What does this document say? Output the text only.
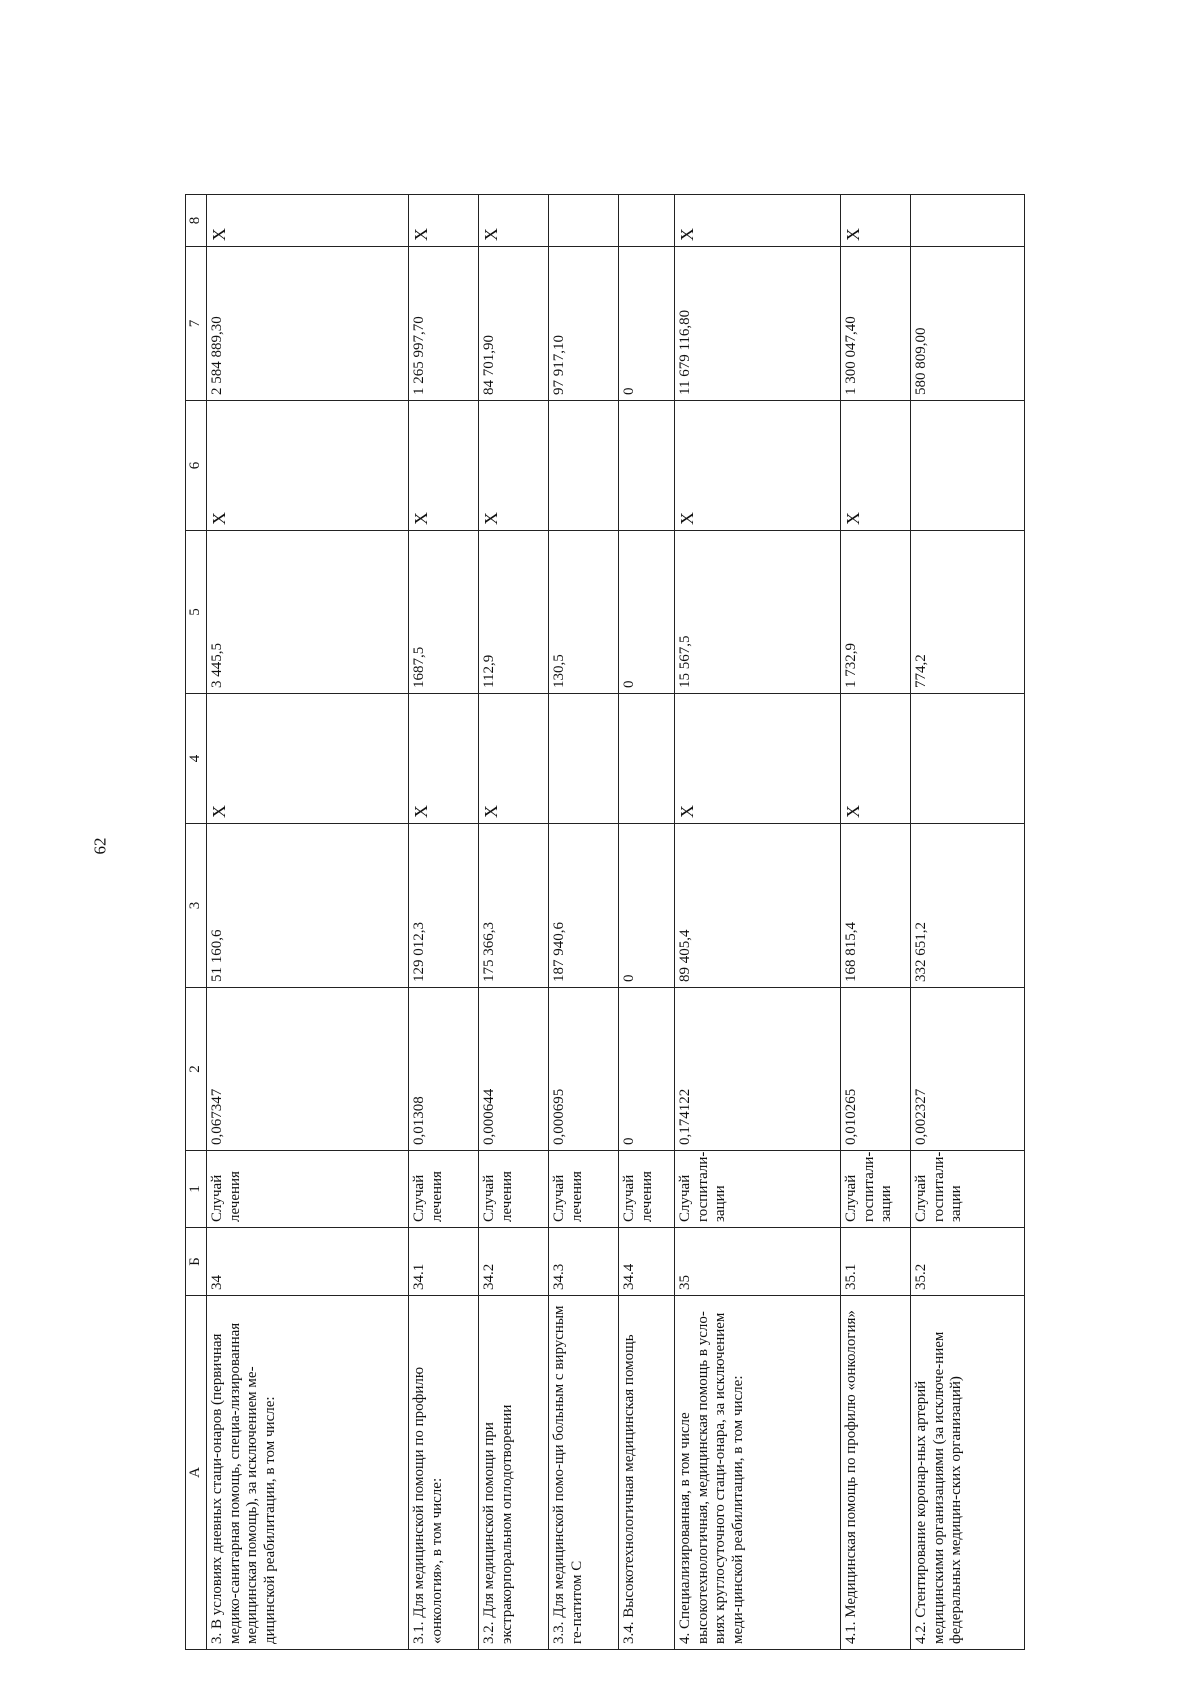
62
А	Б	1	2	3	4	5	6	7	8
3. В условиях дневных стаци-онаров (первичная медико-санитарная помощь, специа-лизированная медицинская помощь), за исключением ме-дицинской реабилитации, в том числе:	34	Случай лечения	0,067347	51 160,6	X	3 445,5	X	2 584 889,30	X
3.1. Для медицинской помощи по профилю «онкология», в том числе:	34.1	Случай лечения	0,01308	129 012,3	X	1687,5	X	1 265 997,70	X
3.2. Для медицинской помощи при экстракорпоральном оплодотворении	34.2	Случай лечения	0,000644	175 366,3	X	112,9	X	84 701,90	X
3.3. Для медицинской помо-щи больным с вирусным ге-патитом С	34.3	Случай лечения	0,000695	187 940,6		130,5		97 917,10	
3.4. Высокотехнологичная медицинская помощь	34.4	Случай лечения	0	0		0		0	
4. Специализированная, в том числе высокотехнологичная, медицинская помощь в усло-виях круглосуточного стаци-онара, за исключением меди-цинской реабилитации, в том числе:	35	Случай госпитали-зации	0,174122	89 405,4	X	15 567,5	X	11 679 116,80	X
4.1. Медицинская помощь по профилю «онкология»	35.1	Случай госпитали-зации	0,010265	168 815,4	X	1 732,9	X	1 300 047,40	X
4.2. Стентирование коронар-ных артерий медицинскими организациями (за исключе-нием федеральных медицин-ских организаций)	35.2	Случай госпитали-зации	0,002327	332 651,2		774,2		580 809,00	
